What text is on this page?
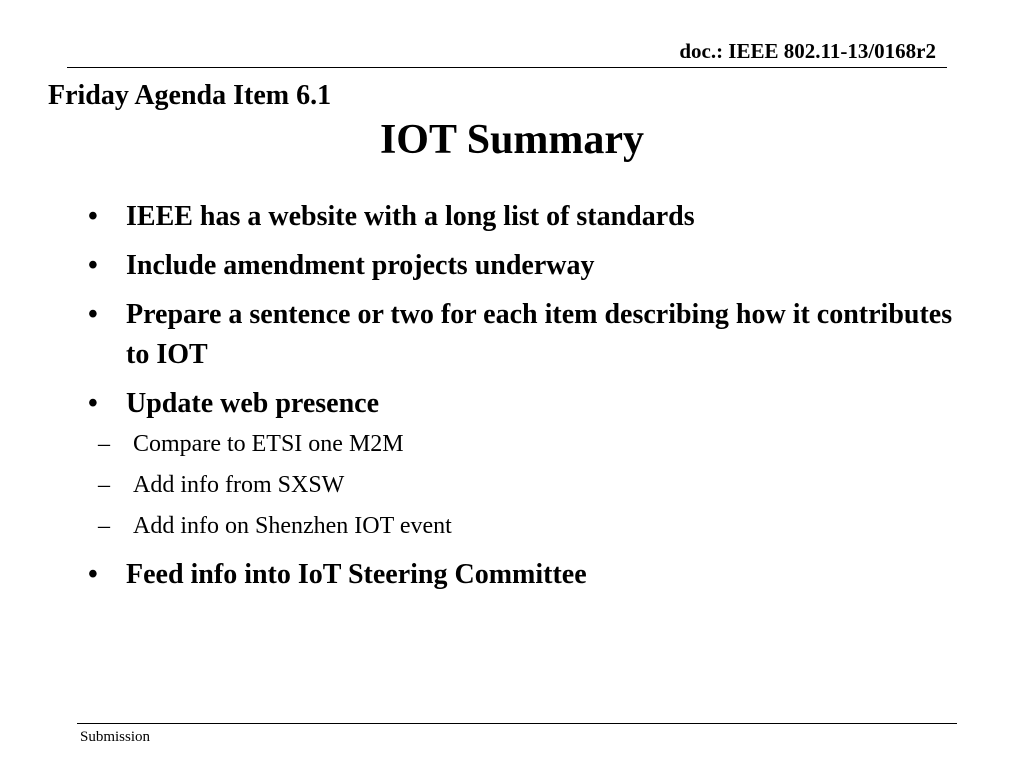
doc.: IEEE 802.11-13/0168r2
Friday Agenda Item 6.1
IOT Summary
•	IEEE has a website with a long list of standards
•	Include amendment projects underway
•	Prepare a sentence or two for each item describing how it contributes to IOT
•	Update web presence
– Compare to ETSI one M2M
– Add info from SXSW
– Add info on Shenzhen IOT event
•	Feed info into IoT Steering Committee
Submission
